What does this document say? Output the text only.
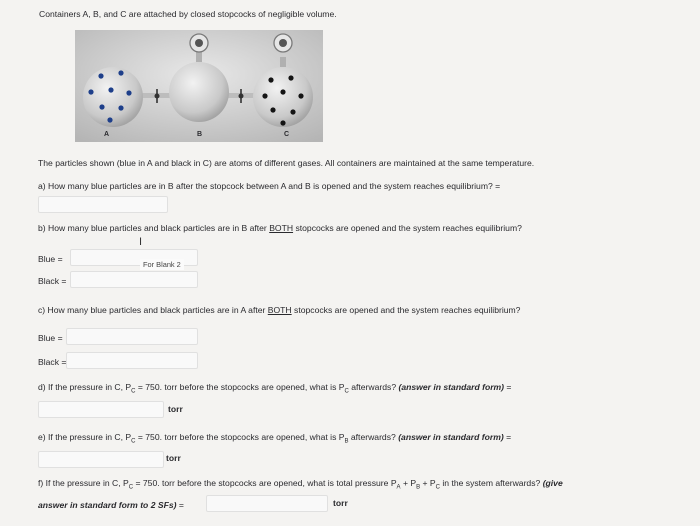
Containers A, B, and C are attached by closed stopcocks of negligible volume.
A	B	C
The particles shown (blue in A and black in C) are atoms of different gases. All containers are maintained at the same temperature.
a) How many blue particles are in B after the stopcock between A and B is opened and the system reaches equilibrium? =
b) How many blue particles and black particles are in B after BOTH stopcocks are opened and the system reaches equilibrium?
I
Blue =
For Blank 2
Black =
c) How many blue particles and black particles are in A after BOTH stopcocks are opened and the system reaches equilibrium?
Blue =
Black =
d) If the pressure in C, $P_C = 750$. torr before the stopcocks are opened, what is $P_C$ afterwards? (answer in standard form) =
torr
e) If the pressure in C, $P_C = 750$. torr before the stopcocks are opened, what is $P_B$ afterwards? (answer in standard form) =
torr
f) If the pressure in C, $P_C = 750$. torr before the stopcocks are opened, what is total pressure $P_A + P_B + P_C$ in the system afterwards? (give
answer in standard form to 2 SFs) =	torr
